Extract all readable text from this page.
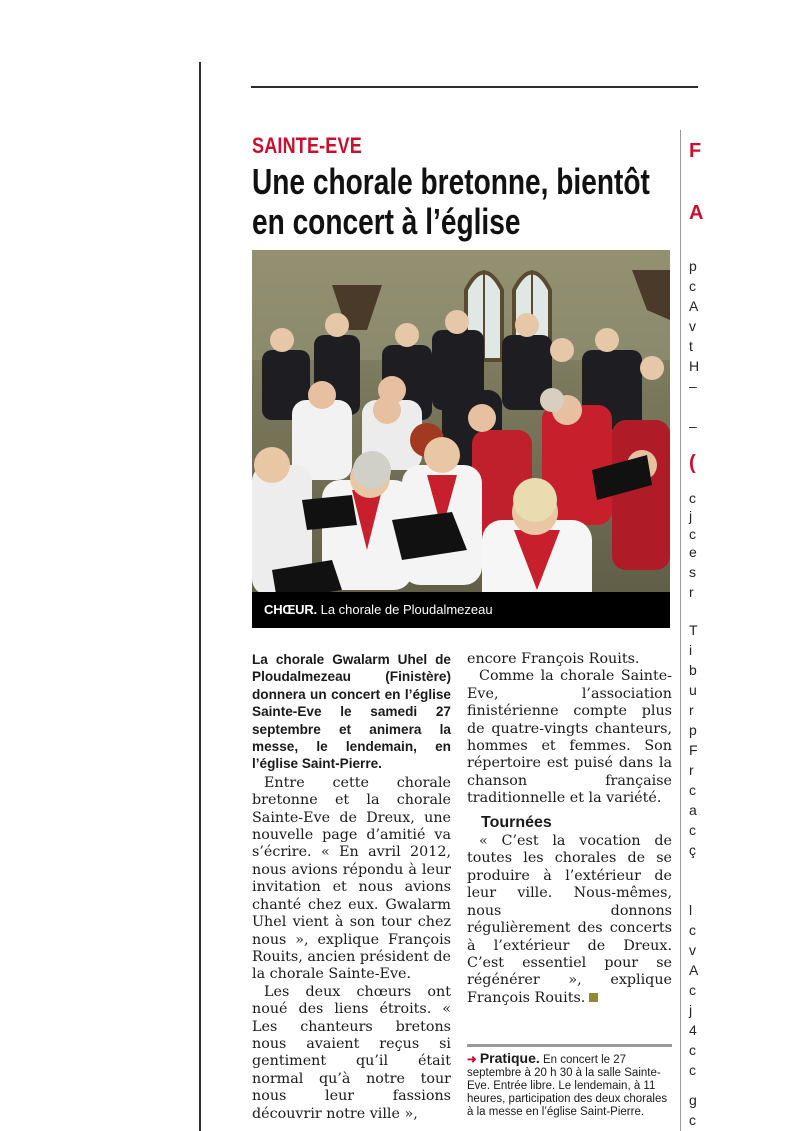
SAINTE-EVE
Une chorale bretonne, bientôt
en concert à l’église
CHŒUR. La chorale de Ploudalmezeau
La chorale Gwalarm Uhel de Ploudalmezeau (Finistère) donnera un concert en l’église Sainte-Eve le samedi 27 septembre et animera la messe, le lendemain, en l’église Saint-Pierre.

Entre cette chorale bretonne et la chorale Sainte-Eve de Dreux, une nouvelle page d’amitié va s’écrire. « En avril 2012, nous avions répondu à leur invitation et nous avions chanté chez eux. Gwalarm Uhel vient à son tour chez nous », explique François Rouits, ancien président de la chorale Sainte-Eve.

Les deux chœurs ont noué des liens étroits. « Les chanteurs bretons nous avaient reçus si gentiment qu’il était normal qu’à notre tour nous leur fassions découvrir notre ville »,

encore François Rouits.

Comme la chorale Sainte-Eve, l’association finistérienne compte plus de quatre-vingts chanteurs, hommes et femmes. Son répertoire est puisé dans la chanson française traditionnelle et la variété.

Tournées

« C’est la vocation de toutes les chorales de se produire à l’extérieur de leur ville. Nous-mêmes, nous donnons régulièrement des concerts à l’extérieur de Dreux. C’est essentiel pour se régénérer », explique François Rouits.

➜ Pratique. En concert le 27 septembre à 20 h 30 à la salle Sainte-Eve. Entrée libre. Le lendemain, à 11 heures, participation des deux chorales à la messe en l’église Saint-Pierre.
F
A
p
c
A
v
t
H
–
–
(
c
j
c
e
s
r
T
i
b
u
r
p
F
r
c
a
c
ç
l
c
v
A
c
j
4
c
c
g
c
